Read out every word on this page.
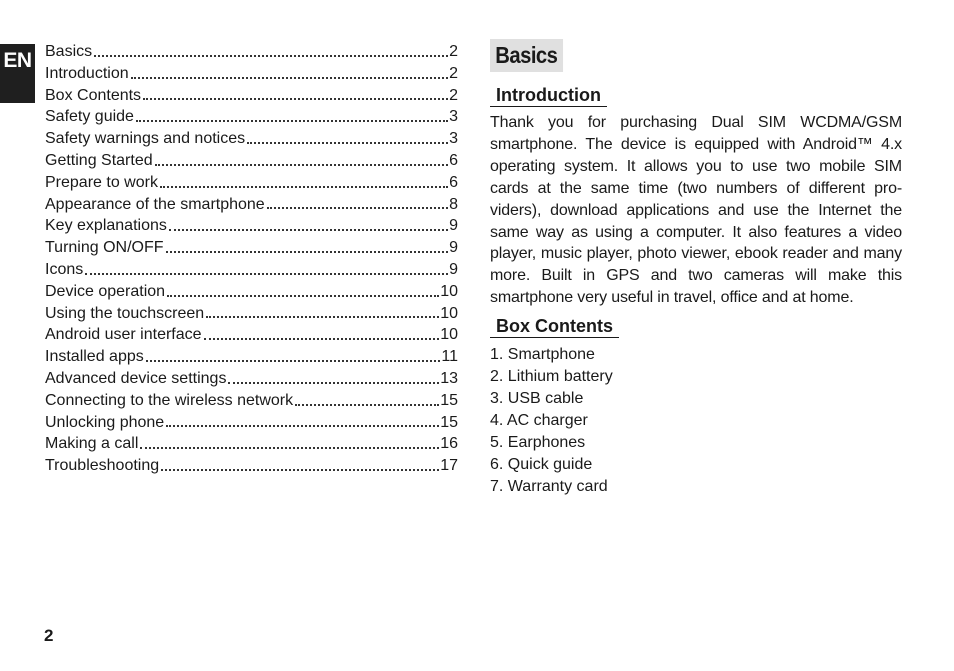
EN Basics	2
Introduction	2
Box Contents	2
Safety guide	3
Safety warnings and notices	3
Getting Started	6
Prepare to work	6
Appearance of the smartphone	8
Key explanations	9
Turning ON/OFF	9
Icons	9
Device operation	10
Using the touchscreen	10
Android user interface	10
Installed apps	11
Advanced device settings	13
Connecting to the wireless network	15
Unlocking phone	15
Making a call	16
Troubleshooting	17
2
Basics
Introduction

Thank you for purchasing Dual SIM WCDMA/GSM smartphone. The device is equipped with Android™ 4.x operating system. It allows you to use two mobile SIM cards at the same time (two numbers of different pro-viders), download applications and use the Internet the same way as using a computer. It also features a video player, music player, photo viewer, ebook reader and many more. Built in GPS and two cameras will make this smartphone very useful in travel, office and at home.

Box Contents
1. Smartphone
2. Lithium battery
3. USB cable
4. AC charger
5. Earphones
6. Quick guide
7. Warranty card
